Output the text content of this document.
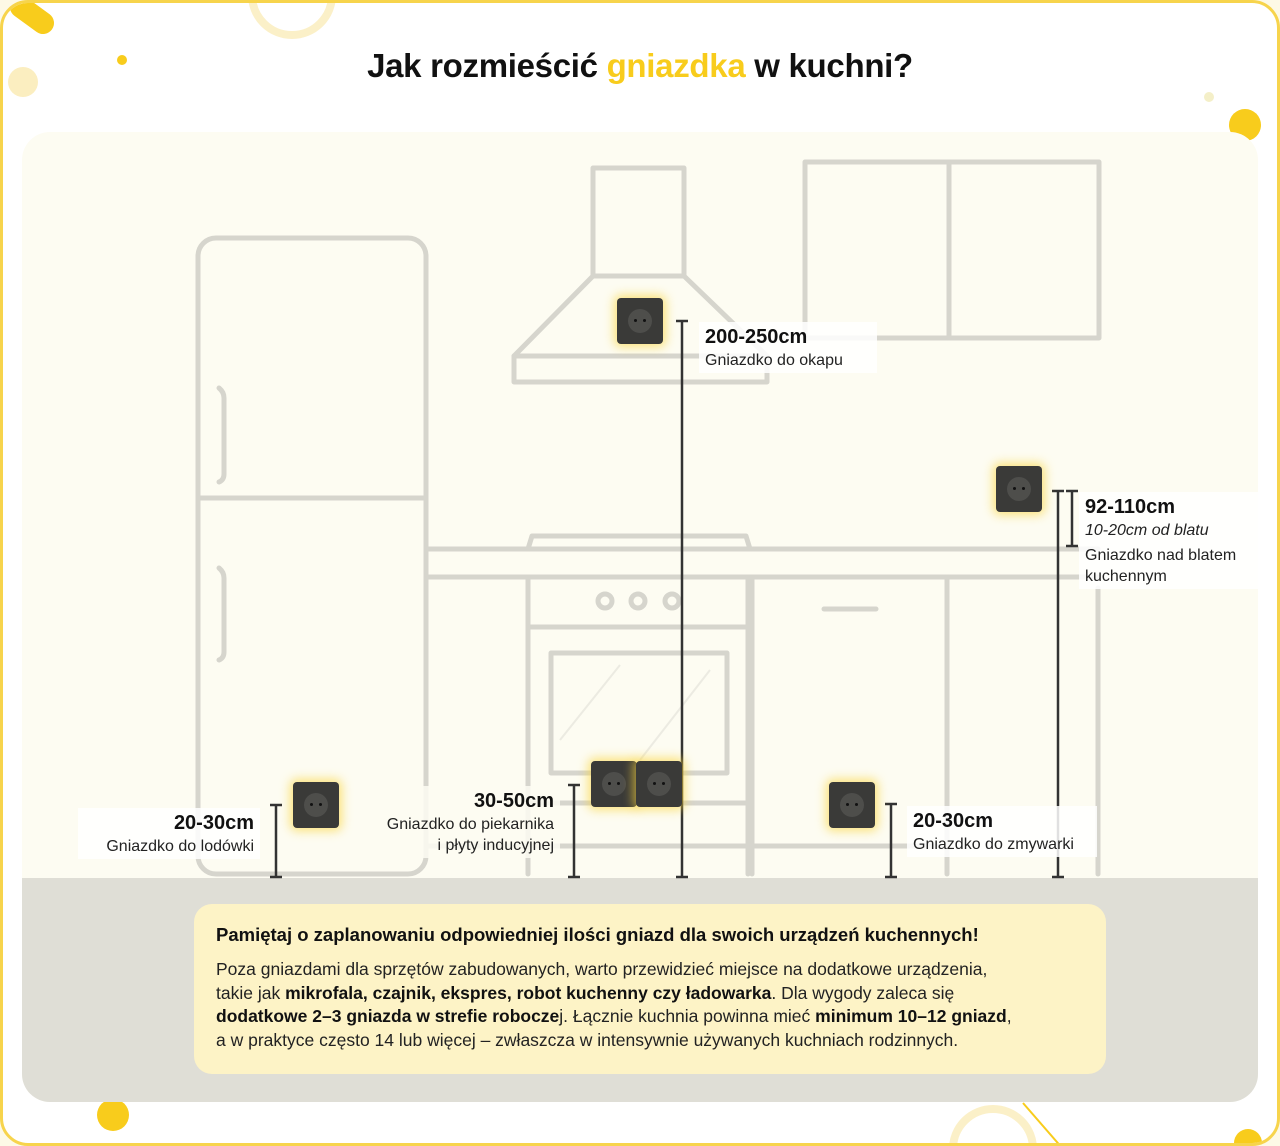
Jak rozmieścić gniazdka w kuchni?
200-250cm
Gniazdko do okapu
92-110cm
10-20cm od blatu
Gniazdko nad blatem
kuchennym
20-30cm
Gniazdko do lodówki
30-50cm
Gniazdko do piekarnika
i płyty inducyjnej
20-30cm
Gniazdko do zmywarki
Pamiętaj o zaplanowaniu odpowiedniej ilości gniazd dla swoich urządzeń kuchennych!
Poza gniazdami dla sprzętów zabudowanych, warto przewidzieć miejsce na dodatkowe urządzenia,
takie jak mikrofala, czajnik, ekspres, robot kuchenny czy ładowarka. Dla wygody zaleca się
dodatkowe 2–3 gniazda w strefie roboczej. Łącznie kuchnia powinna mieć minimum 10–12 gniazd,
a w praktyce często 14 lub więcej – zwłaszcza w intensywnie używanych kuchniach rodzinnych.
